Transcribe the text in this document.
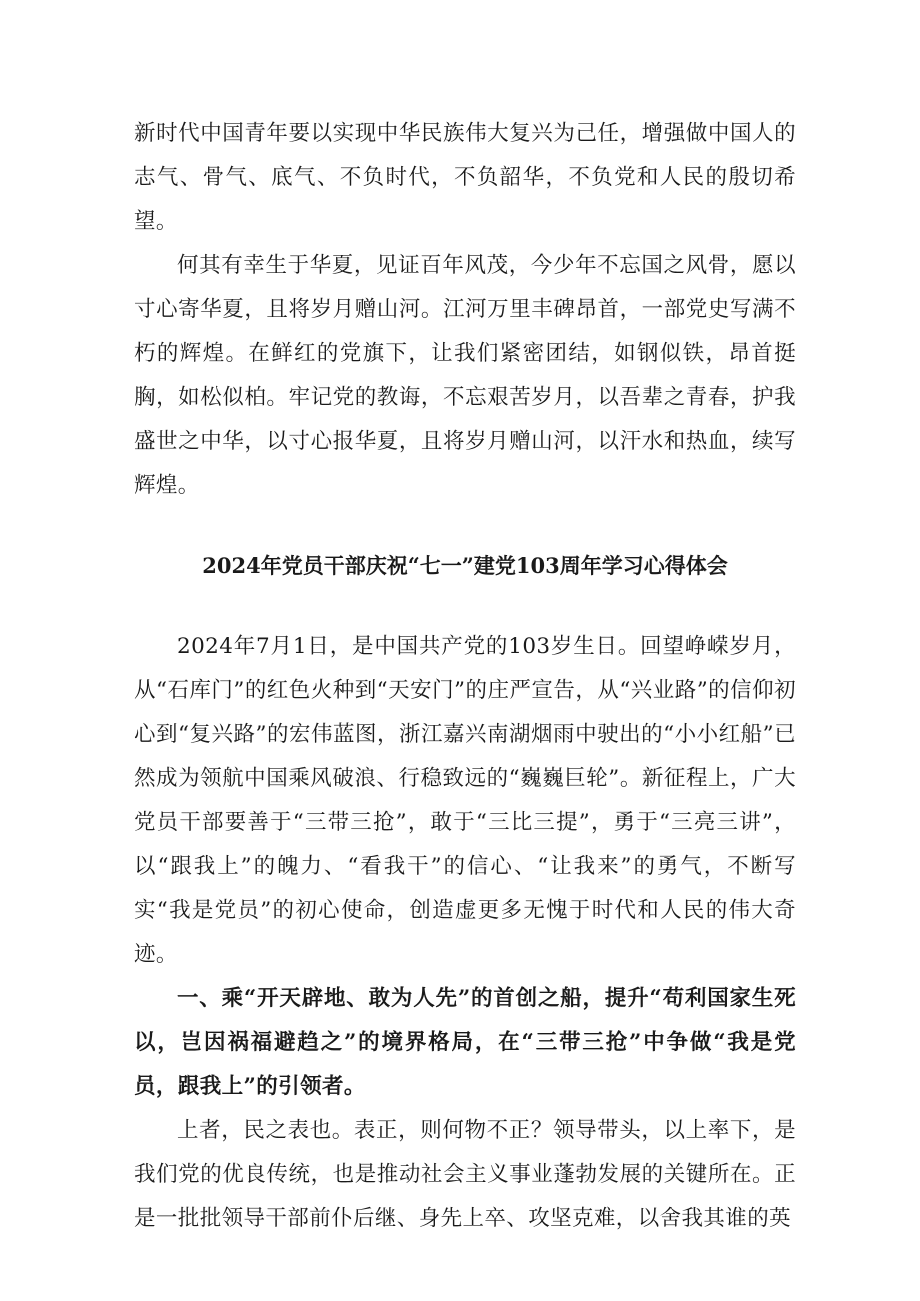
新时代中国青年要以实现中华民族伟大复兴为己任，增强做中国人的志气、骨气、底气、不负时代，不负韶华，不负党和人民的殷切希望。

何其有幸生于华夏，见证百年风茂，今少年不忘国之风骨，愿以寸心寄华夏，且将岁月赠山河。江河万里丰碑昂首，一部党史写满不朽的辉煌。在鲜红的党旗下，让我们紧密团结，如钢似铁，昂首挺胸，如松似柏。牢记党的教诲，不忘艰苦岁月，以吾辈之青春，护我盛世之中华，以寸心报华夏，且将岁月赠山河，以汗水和热血，续写辉煌。

2024年党员干部庆祝“七一”建党103周年学习心得体会

2024年7月1日，是中国共产党的103岁生日。回望峥嵘岁月，从“石库门”的红色火种到“天安门”的庄严宣告，从“兴业路”的信仰初心到“复兴路”的宏伟蓝图，浙江嘉兴南湖烟雨中驶出的“小小红船”已然成为领航中国乘风破浪、行稳致远的“巍巍巨轮”。新征程上，广大党员干部要善于“三带三抢”，敢于“三比三提”，勇于“三亮三讲”，以“跟我上”的魄力、“看我干”的信心、“让我来”的勇气，不断写实“我是党员”的初心使命，创造虚更多无愧于时代和人民的伟大奇迹。

一、乘“开天辟地、敢为人先”的首创之船，提升“苟利国家生死以，岂因祸福避趋之”的境界格局，在“三带三抢”中争做“我是党员，跟我上”的引领者。

上者，民之表也。表正，则何物不正？领导带头，以上率下，是我们党的优良传统，也是推动社会主义事业蓬勃发展的关键所在。正是一批批领导干部前仆后继、身先上卒、攻坚克难，以舍我其谁的英
